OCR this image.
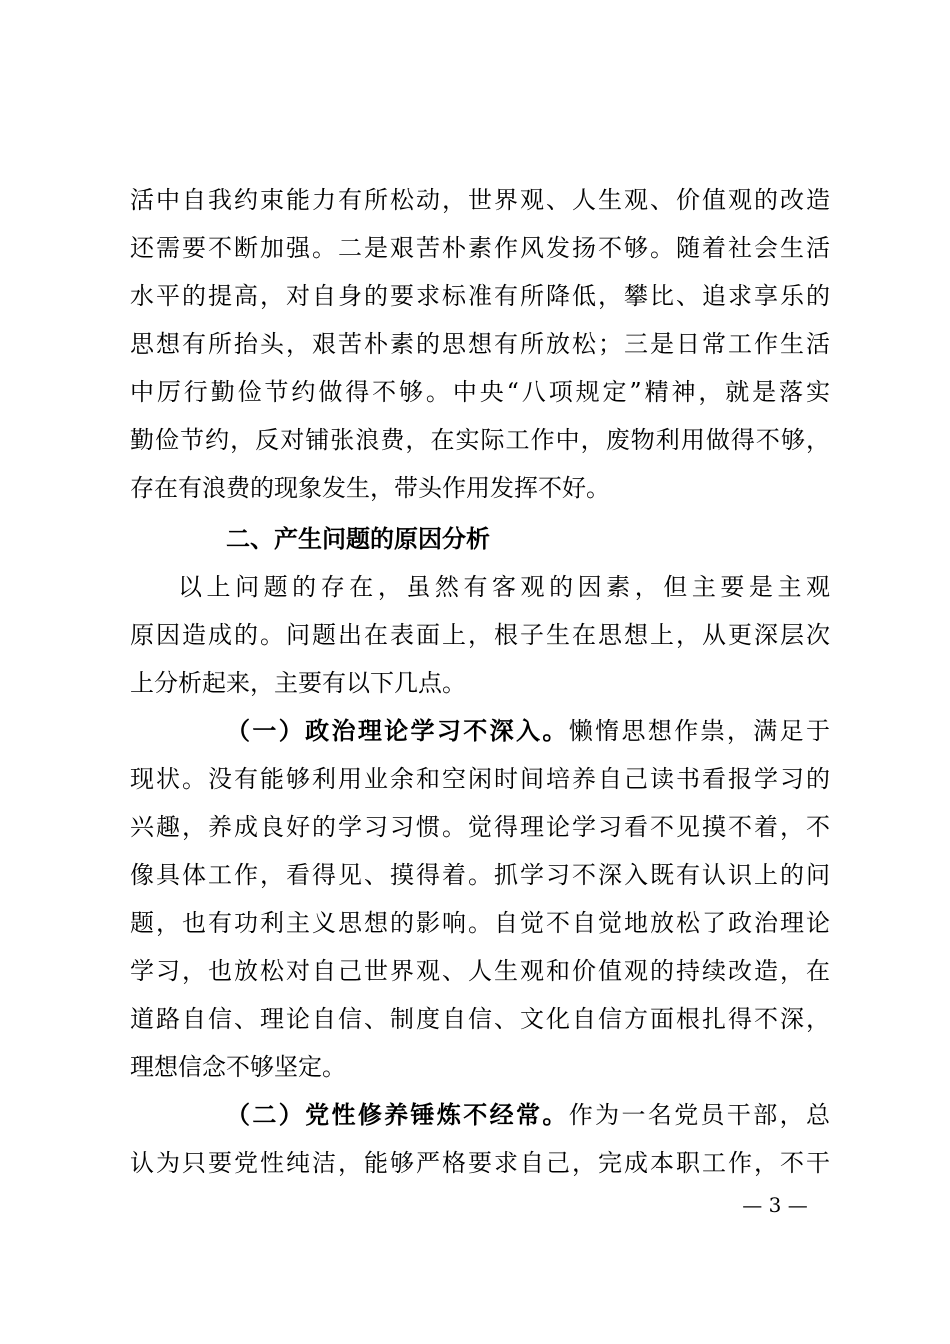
活中自我约束能力有所松动，世界观、人生观、价值观的改造
还需要不断加强。二是艰苦朴素作风发扬不够。随着社会生活
水平的提高，对自身的要求标准有所降低，攀比、追求享乐的
思想有所抬头，艰苦朴素的思想有所放松；三是日常工作生活
中厉行勤俭节约做得不够。中央“八项规定”精神，就是落实
勤俭节约，反对铺张浪费，在实际工作中，废物利用做得不够，
存在有浪费的现象发生，带头作用发挥不好。
二、产生问题的原因分析
以上问题的存在，虽然有客观的因素，但主要是主观
原因造成的。问题出在表面上，根子生在思想上，从更深层次
上分析起来，主要有以下几点。
（一）政治理论学习不深入。懒惰思想作祟，满足于
现状。没有能够利用业余和空闲时间培养自己读书看报学习的
兴趣，养成良好的学习习惯。觉得理论学习看不见摸不着，不
像具体工作，看得见、摸得着。抓学习不深入既有认识上的问
题，也有功利主义思想的影响。自觉不自觉地放松了政治理论
学习，也放松对自己世界观、人生观和价值观的持续改造，在
道路自信、理论自信、制度自信、文化自信方面根扎得不深，
理想信念不够坚定。
（二）党性修养锤炼不经常。作为一名党员干部，总
认为只要党性纯洁，能够严格要求自己，完成本职工作，不干
— 3 —
